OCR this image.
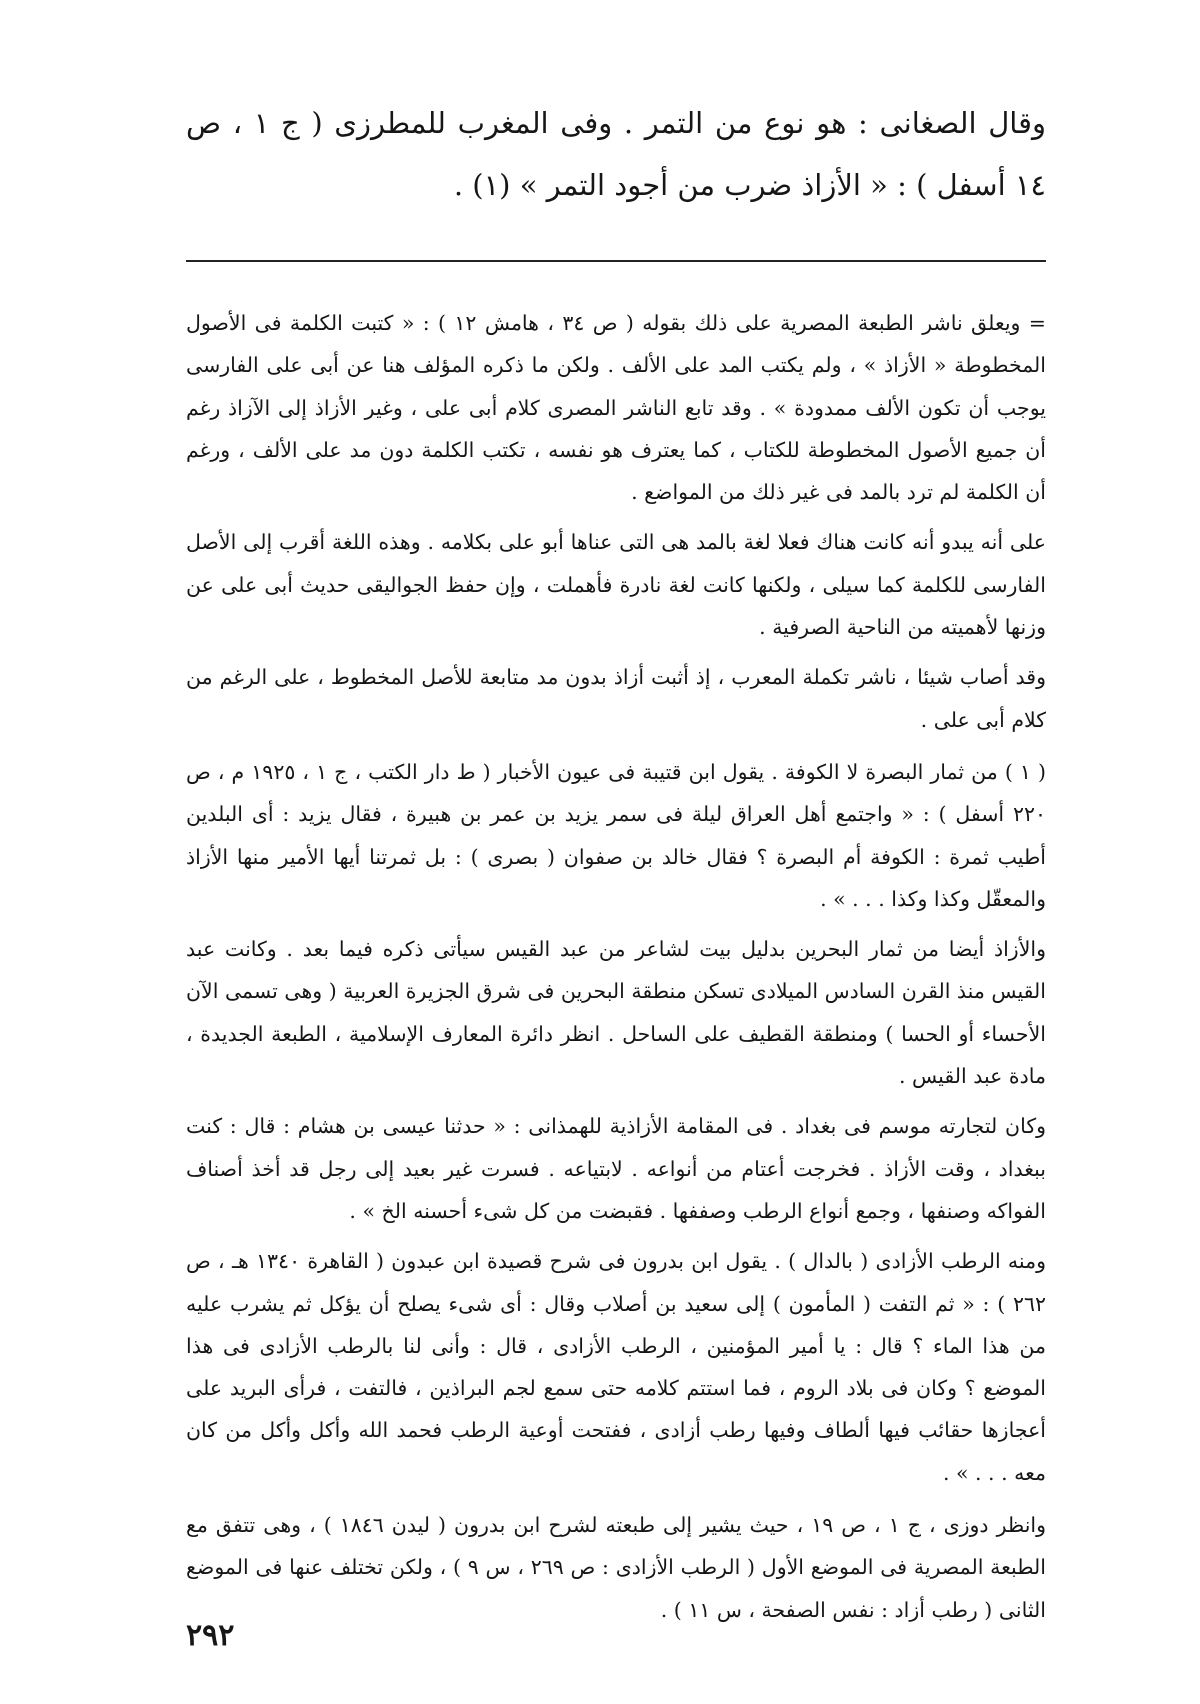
وقال الصغانى : هو نوع من التمر . وفى المغرب للمطرزى ( ج ١ ، ص ١٤ أسفل ) : « الأزاذ ضرب من أجود التمر » (١) .

= ويعلق ناشر الطبعة المصرية على ذلك بقوله ( ص ٣٤ ، هامش ١٢ ) : « كتبت الكلمة فى الأصول المخطوطة « الأزاذ » ، ولم يكتب المد على الألف . ولكن ما ذكره المؤلف هنا عن أبى على الفارسى يوجب أن تكون الألف ممدودة » . وقد تابع الناشر المصرى كلام أبى على ، وغير الأزاذ إلى الآزاذ رغم أن جميع الأصول المخطوطة للكتاب ، كما يعترف هو نفسه ، تكتب الكلمة دون مد على الألف ، ورغم أن الكلمة لم ترد بالمد فى غير ذلك من المواضع .

على أنه يبدو أنه كانت هناك فعلا لغة بالمد هى التى عناها أبو على بكلامه . وهذه اللغة أقرب إلى الأصل الفارسى للكلمة كما سيلى ، ولكنها كانت لغة نادرة فأهملت ، وإن حفظ الجواليقى حديث أبى على عن وزنها لأهميته من الناحية الصرفية .

وقد أصاب شيئا ، ناشر تكملة المعرب ، إذ أثبت أزاذ بدون مد متابعة للأصل المخطوط ، على الرغم من كلام أبى على .

( ١ ) من ثمار البصرة لا الكوفة . يقول ابن قتيبة فى عيون الأخبار ( ط دار الكتب ، ج ١ ، ١٩٢٥ م ، ص ٢٢٠ أسفل ) : « واجتمع أهل العراق ليلة فى سمر يزيد بن عمر بن هبيرة ، فقال يزيد : أى البلدين أطيب ثمرة : الكوفة أم البصرة ؟ فقال خالد بن صفوان ( بصرى ) : بل ثمرتنا أيها الأمير منها الأزاذ والمعقّل وكذا وكذا . . . » .

والأزاذ أيضا من ثمار البحرين بدليل بيت لشاعر من عبد القيس سيأتى ذكره فيما بعد . وكانت عبد القيس منذ القرن السادس الميلادى تسكن منطقة البحرين فى شرق الجزيرة العربية ( وهى تسمى الآن الأحساء أو الحسا ) ومنطقة القطيف على الساحل . انظر دائرة المعارف الإسلامية ، الطبعة الجديدة ، مادة عبد القيس .

وكان لتجارته موسم فى بغداد . فى المقامة الأزاذية للهمذانى : « حدثنا عيسى بن هشام : قال : كنت ببغداد ، وقت الأزاذ . فخرجت أعتام من أنواعه . لابتياعه . فسرت غير بعيد إلى رجل قد أخذ أصناف الفواكه وصنفها ، وجمع أنواع الرطب وصففها . فقبضت من كل شىء أحسنه الخ » .

ومنه الرطب الأزادى ( بالدال ) . يقول ابن بدرون فى شرح قصيدة ابن عبدون ( القاهرة ١٣٤٠ هـ ، ص ٢٦٢ ) : « ثم التفت ( المأمون ) إلى سعيد بن أصلاب وقال : أى شىء يصلح أن يؤكل ثم يشرب عليه من هذا الماء ؟ قال : يا أمير المؤمنين ، الرطب الأزادى ، قال : وأنى لنا بالرطب الأزادى فى هذا الموضع ؟ وكان فى بلاد الروم ، فما استتم كلامه حتى سمع لجم البراذين ، فالتفت ، فرأى البريد على أعجازها حقائب فيها ألطاف وفيها رطب أزادى ، ففتحت أوعية الرطب فحمد الله وأكل وأكل من كان معه . . . » .

وانظر دوزى ، ج ١ ، ص ١٩ ، حيث يشير إلى طبعته لشرح ابن بدرون ( ليدن ١٨٤٦ ) ، وهى تتفق مع الطبعة المصرية فى الموضع الأول ( الرطب الأزادى : ص ٢٦٩ ، س ٩ ) ، ولكن تختلف عنها فى الموضع الثانى ( رطب أزاد : نفس الصفحة ، س ١١ ) .

٢٩٢
